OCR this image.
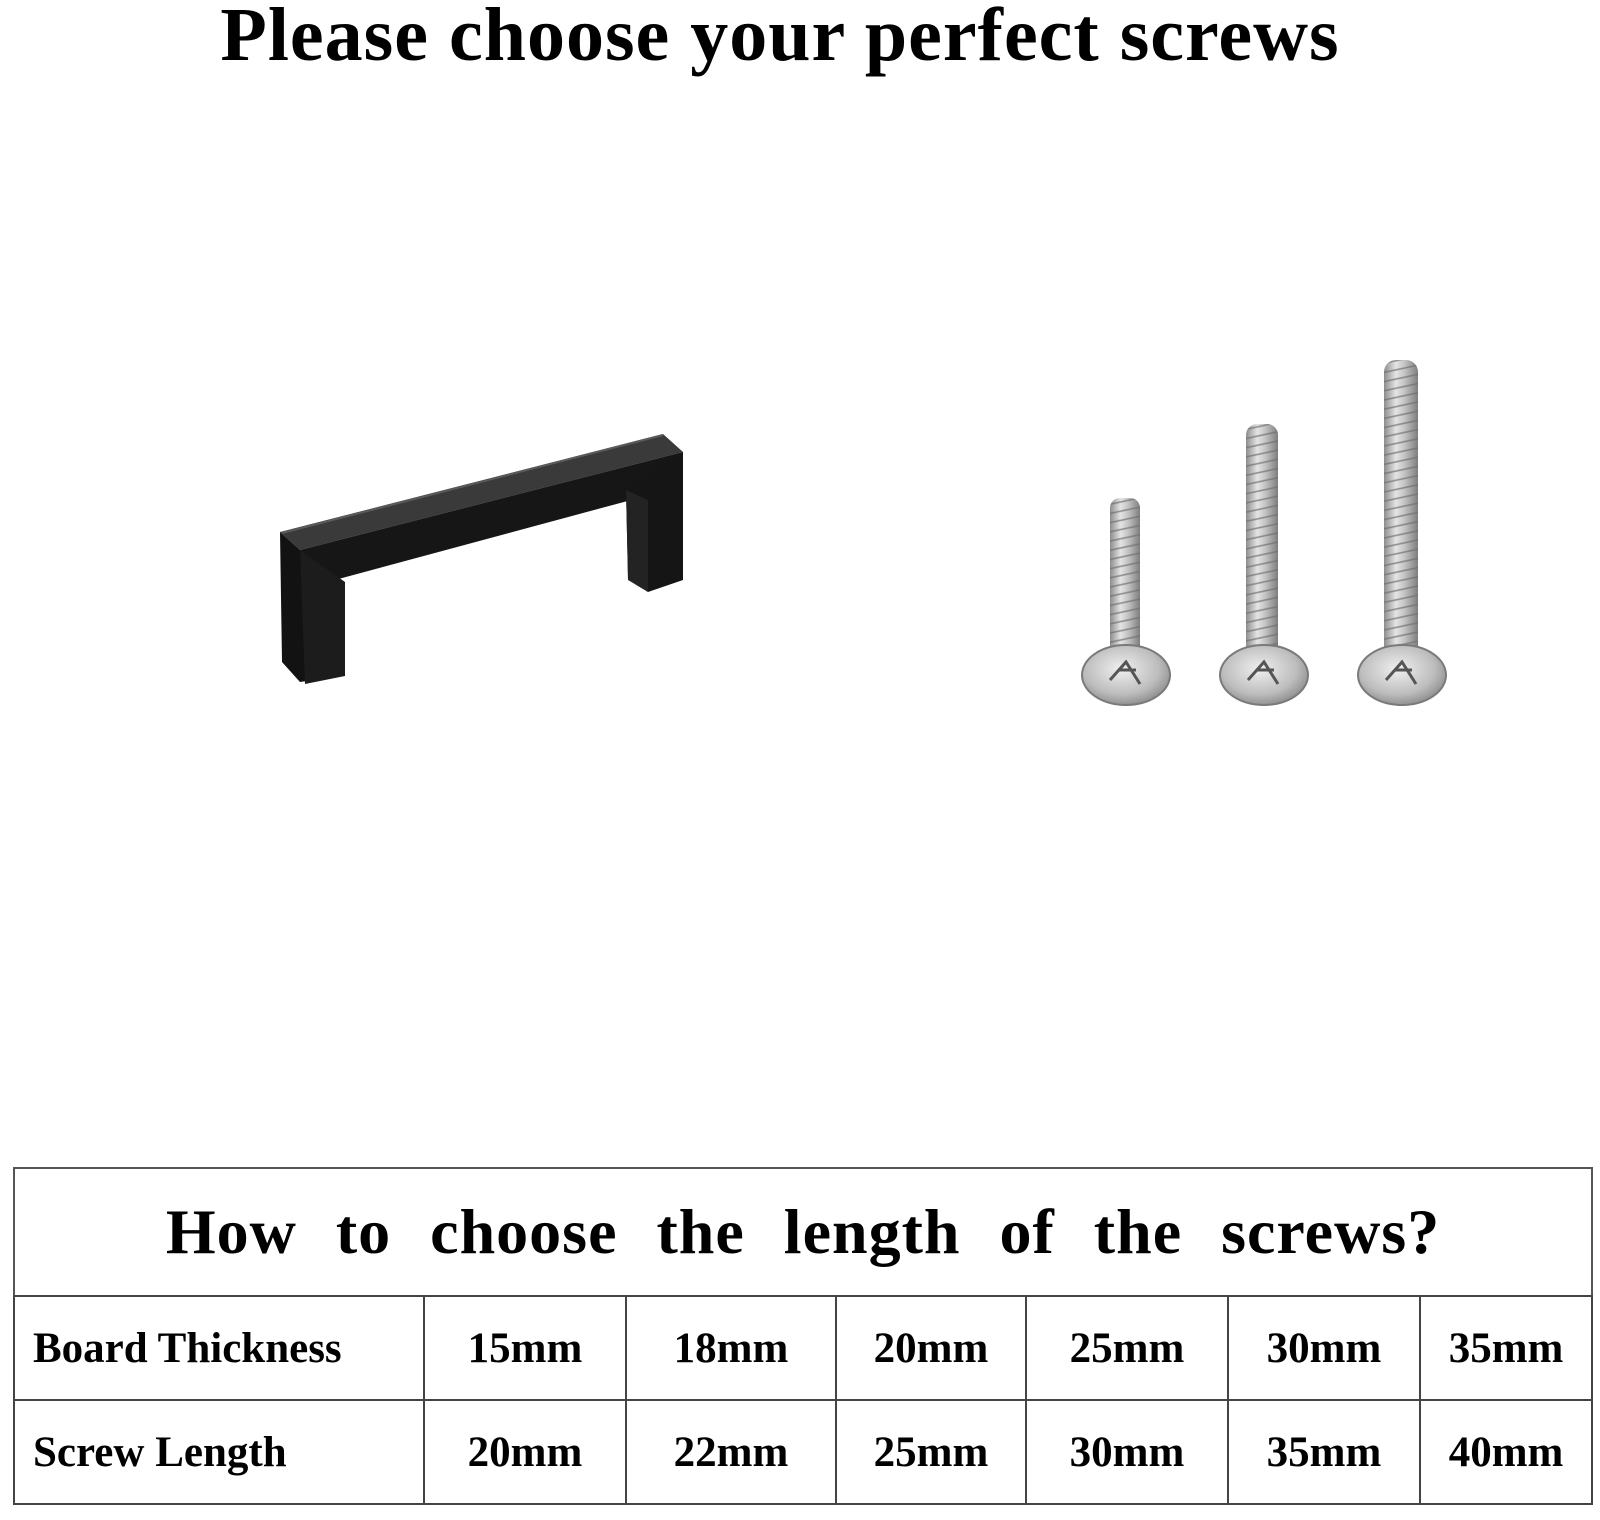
Please choose your perfect screws
How to choose the length of the screws?						
Board Thickness	15mm	18mm	20mm	25mm	30mm	35mm
Screw Length	20mm	22mm	25mm	30mm	35mm	40mm
